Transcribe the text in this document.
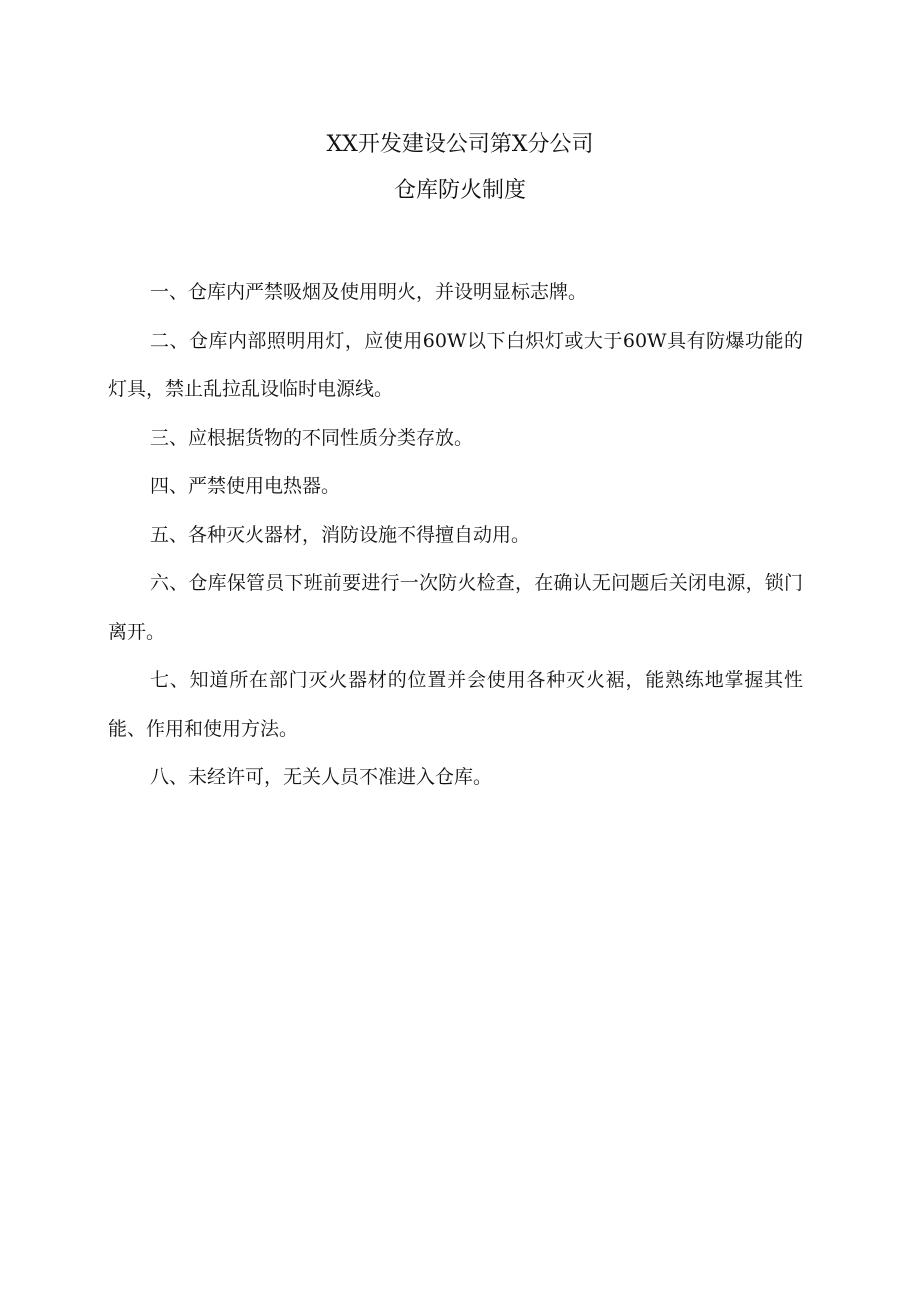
XX开发建设公司第X分公司
仓库防火制度

一、仓库内严禁吸烟及使用明火，并设明显标志牌。

二、仓库内部照明用灯，应使用60W以下白炽灯或大于60W具有防爆功能的灯具，禁止乱拉乱设临时电源线。

三、应根据货物的不同性质分类存放。

四、严禁使用电热器。

五、各种灭火器材，消防设施不得擅自动用。

六、仓库保管员下班前要进行一次防火检查，在确认无问题后关闭电源，锁门离开。

七、知道所在部门灭火器材的位置并会使用各种灭火裾，能熟练地掌握其性能、作用和使用方法。

八、未经许可，无关人员不准进入仓库。
